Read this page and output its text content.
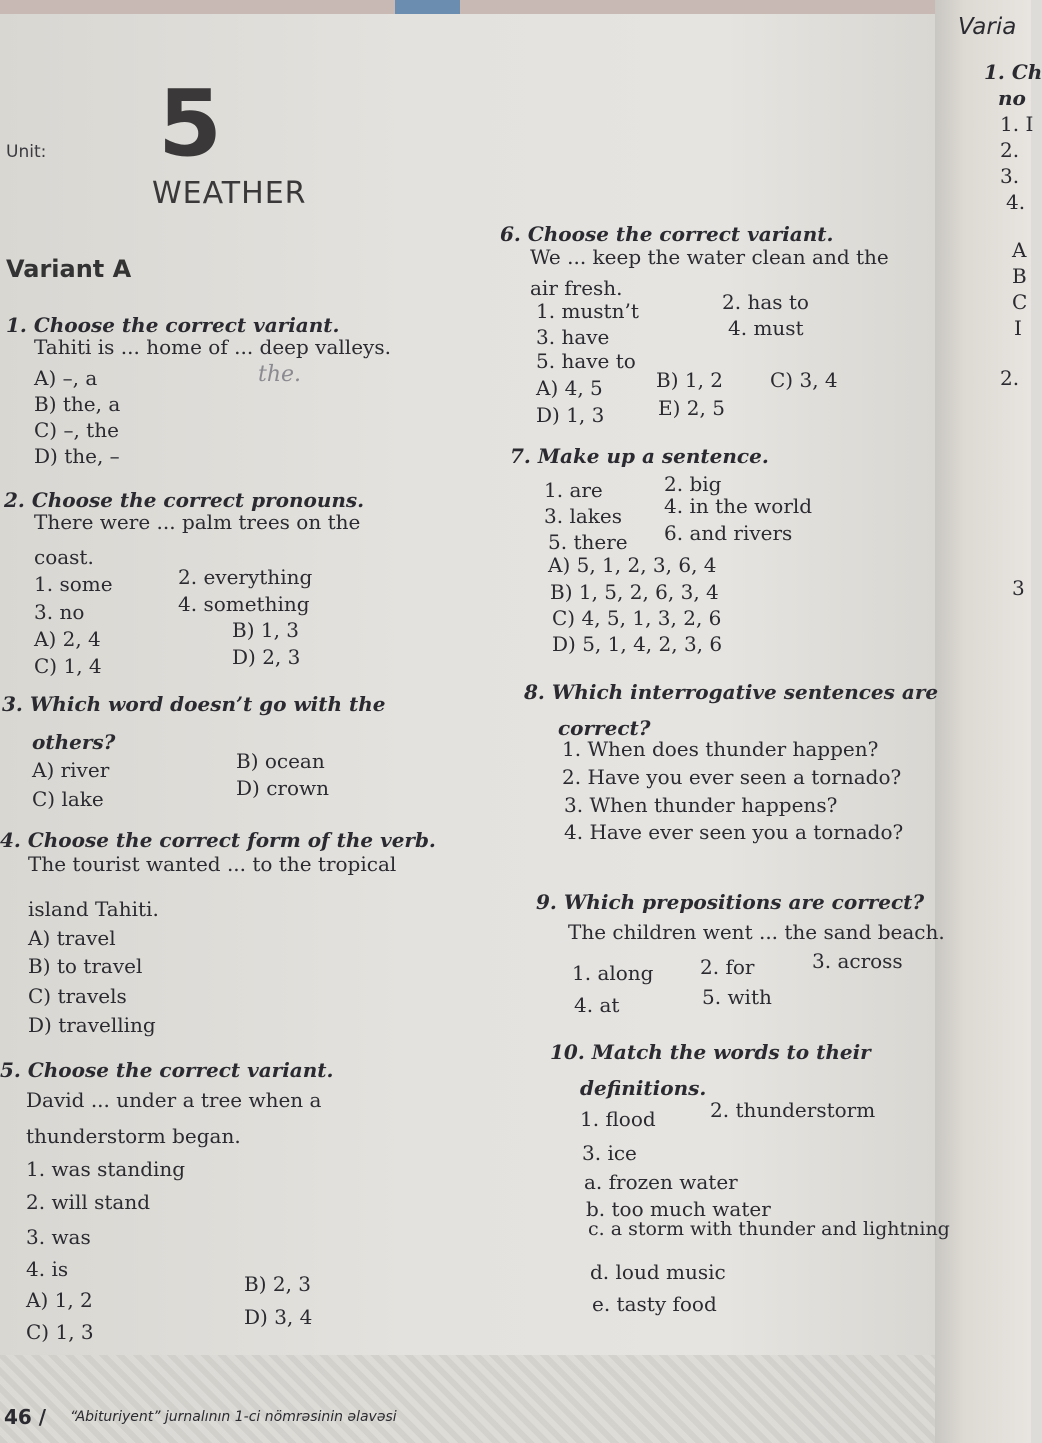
Unit: 5
WEATHER
Variant A
1. Choose the correct variant.
Tahiti is ... home of ... deep valleys.
A) –, a
B) the, a
C) –, the
D) the, –
the.
2. Choose the correct pronouns.
There were ... palm trees on the
coast.
1. some	2. everything
3. no	4. something
A) 2, 4	B) 1, 3
C) 1, 4	D) 2, 3
3. Which word doesn’t go with the
others?
A) river	B) ocean
C) lake	D) crown
4. Choose the correct form of the verb.
The tourist wanted ... to the tropical
island Tahiti.
A) travel
B) to travel
C) travels
D) travelling
5. Choose the correct variant.
David ... under a tree when a
thunderstorm began.
1. was standing
2. will stand
3. was
4. is
A) 1, 2
B) 2, 3
C) 1, 3
D) 3, 4
6. Choose the correct variant.
We ... keep the water clean and the
air fresh.
1. mustn’t	2. has to
3. have	4. must
5. have to
A) 4, 5	B) 1, 2 C) 3, 4
D) 1, 3	E) 2, 5
7. Make up a sentence.
1. are	2. big
3. lakes 4. in the world
5. there 6. and rivers
A) 5, 1, 2, 3, 6, 4
B) 1, 5, 2, 6, 3, 4
C) 4, 5, 1, 3, 2, 6
D) 5, 1, 4, 2, 3, 6
8. Which interrogative sentences are
correct?
1. When does thunder happen?
2. Have you ever seen a tornado?
3. When thunder happens?
4. Have ever seen you a tornado?
9. Which prepositions are correct?
The children went ... the sand beach.
1. along 2. for	3. across
4. at	5. with
10. Match the words to their
definitions.
1. flood	2. thunderstorm
3. ice
a. frozen water
b. too much water
c. a storm with thunder and lightning
d. loud music
e. tasty food
Varia
1. Ch
no
1. I
2.
3.
4.
A
B
C
I
2.
3
46 / “Abituriyent” jurnalının 1-ci nömrəsinin əlavəsi
